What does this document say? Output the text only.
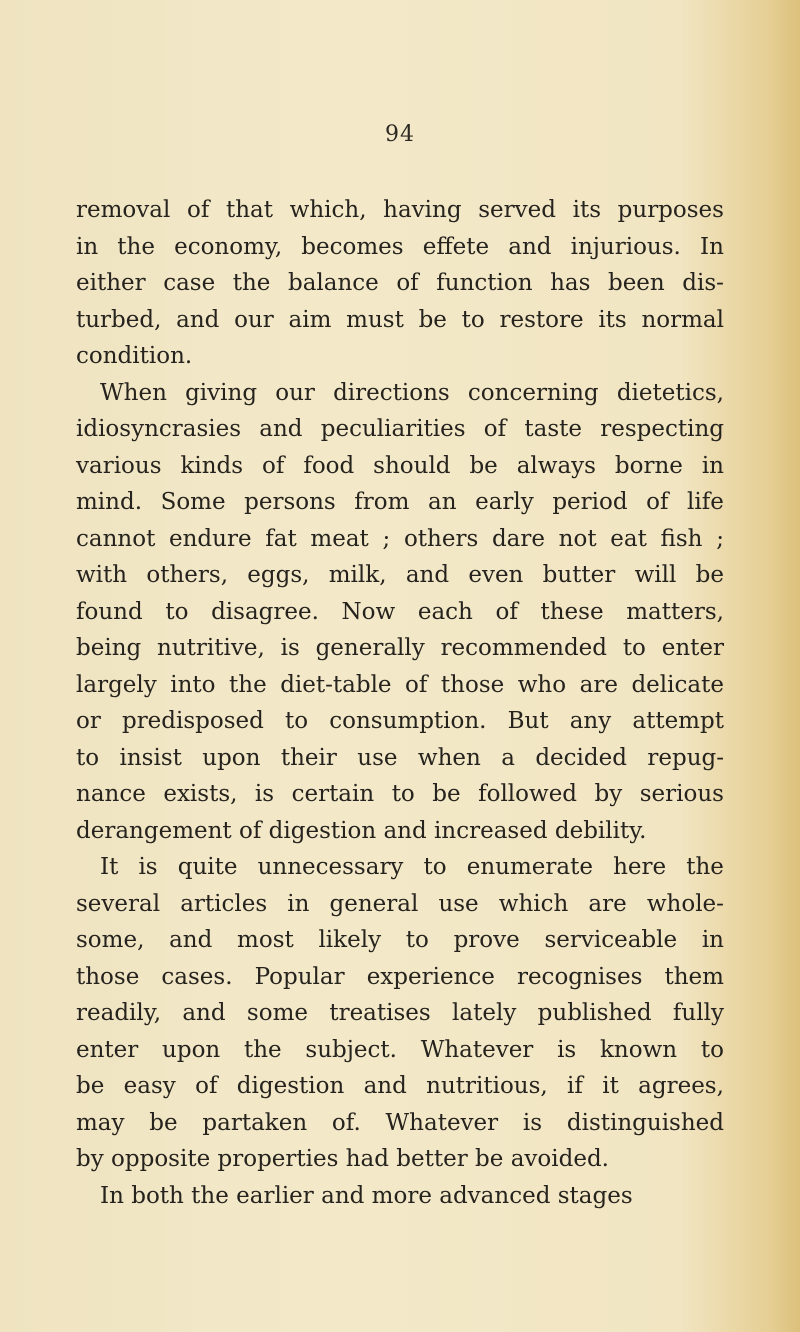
94
removal of that which, having served its purposes
in the economy, becomes effete and injurious. In
either case the balance of function has been dis-
turbed, and our aim must be to restore its normal
condition.
When giving our directions concerning dietetics,
idiosyncrasies and peculiarities of taste respecting
various kinds of food should be always borne in
mind. Some persons from an early period of life
cannot endure fat meat ; others dare not eat fish ;
with others, eggs, milk, and even butter will be
found to disagree. Now each of these matters,
being nutritive, is generally recommended to enter
largely into the diet-table of those who are delicate
or predisposed to consumption. But any attempt
to insist upon their use when a decided repug-
nance exists, is certain to be followed by serious
derangement
of
digestion
and
increased
debility.
It is quite unnecessary to enumerate here the
several articles in general use which are whole-
some, and most likely to prove serviceable in
those cases. Popular experience recognises them
readily, and some treatises lately published fully
enter upon the subject. Whatever is known to
be easy of digestion and nutritious, if it agrees,
may be partaken of. Whatever is distinguished
by
opposite
properties
had
better
be
avoided.
In
both
the
earlier
and
more
advanced
stages
